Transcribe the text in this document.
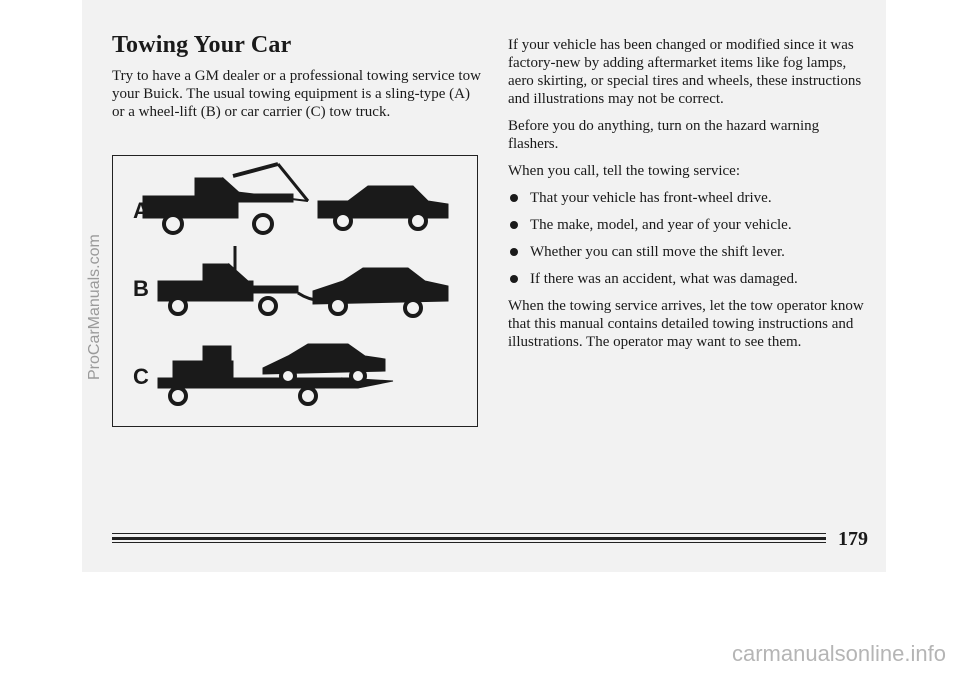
Towing Your Car

Try to have a GM dealer or a professional towing service tow your Buick. The usual towing equipment is a sling-type (A) or a wheel-lift (B) or car carrier (C) tow truck.

A
B
C

If your vehicle has been changed or modified since it was factory-new by adding aftermarket items like fog lamps, aero skirting, or special tires and wheels, these instructions and illustrations may not be correct.

Before you do anything, turn on the hazard warning flashers.

When you call, tell the towing service:

That your vehicle has front-wheel drive.
The make, model, and year of your vehicle.
Whether you can still move the shift lever.
If there was an accident, what was damaged.

When the towing service arrives, let the tow operator know that this manual contains detailed towing instructions and illustrations. The operator may want to see them.

179
ProCarManuals.com
carmanualsonline.info
